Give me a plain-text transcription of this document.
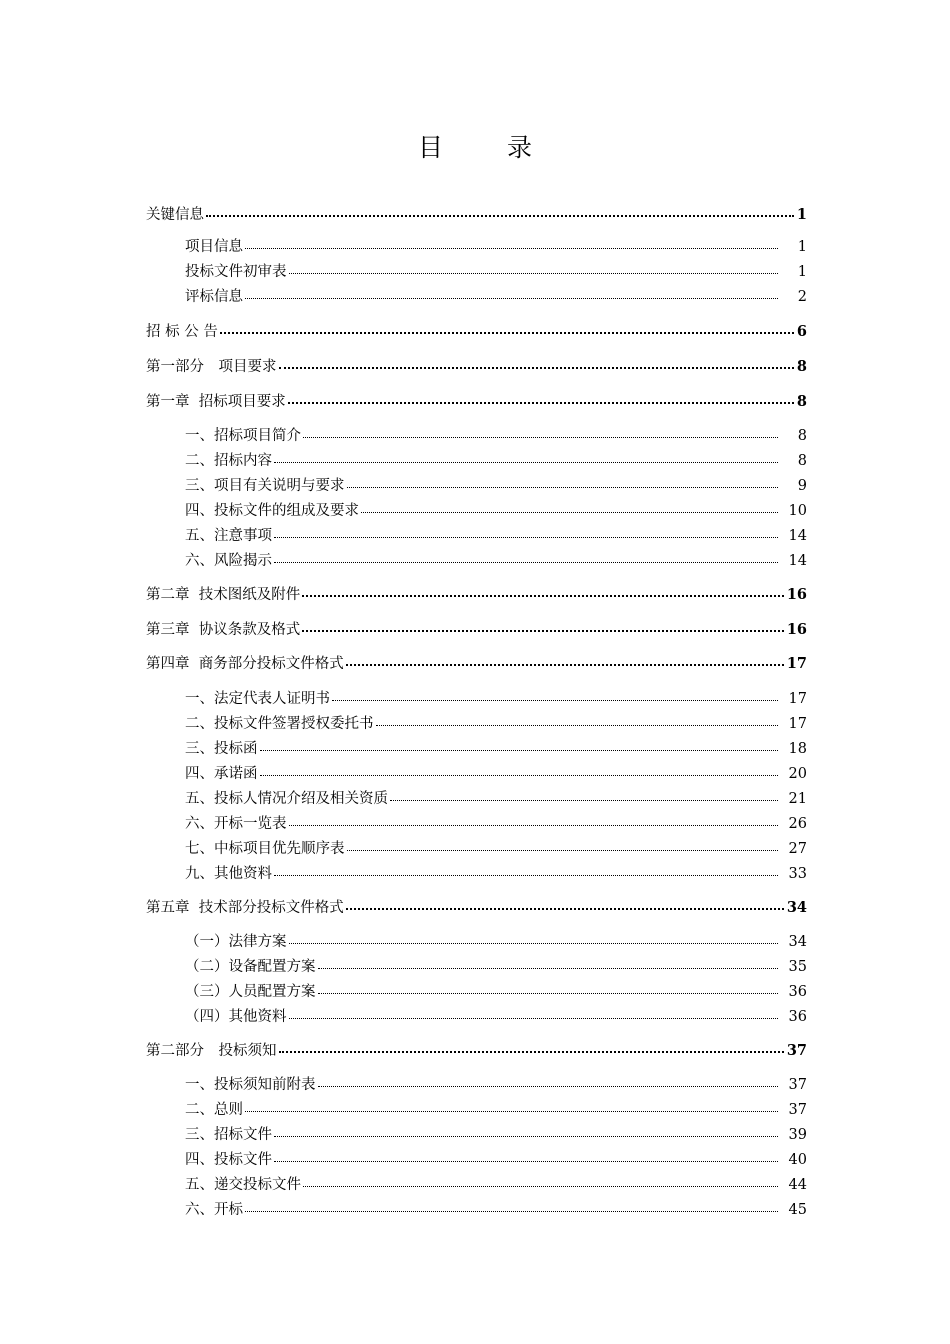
目 录
关键信息	1
项目信息	1
投标文件初审表	1
评标信息	2
招 标 公 告	6
第一部分　项目要求	8
第一章  招标项目要求	8
一、招标项目简介	8
二、招标内容	8
三、项目有关说明与要求	9
四、投标文件的组成及要求	10
五、注意事项	14
六、风险揭示	14
第二章  技术图纸及附件	16
第三章  协议条款及格式	16
第四章  商务部分投标文件格式	17
一、法定代表人证明书	17
二、投标文件签署授权委托书	17
三、投标函	18
四、承诺函	20
五、投标人情况介绍及相关资质	21
六、开标一览表	26
七、中标项目优先顺序表	27
九、其他资料	33
第五章  技术部分投标文件格式	34
（一）法律方案	34
（二）设备配置方案	35
（三）人员配置方案	36
（四）其他资料	36
第二部分　投标须知	37
一、投标须知前附表	37
二、总则	37
三、招标文件	39
四、投标文件	40
五、递交投标文件	44
六、开标	45
